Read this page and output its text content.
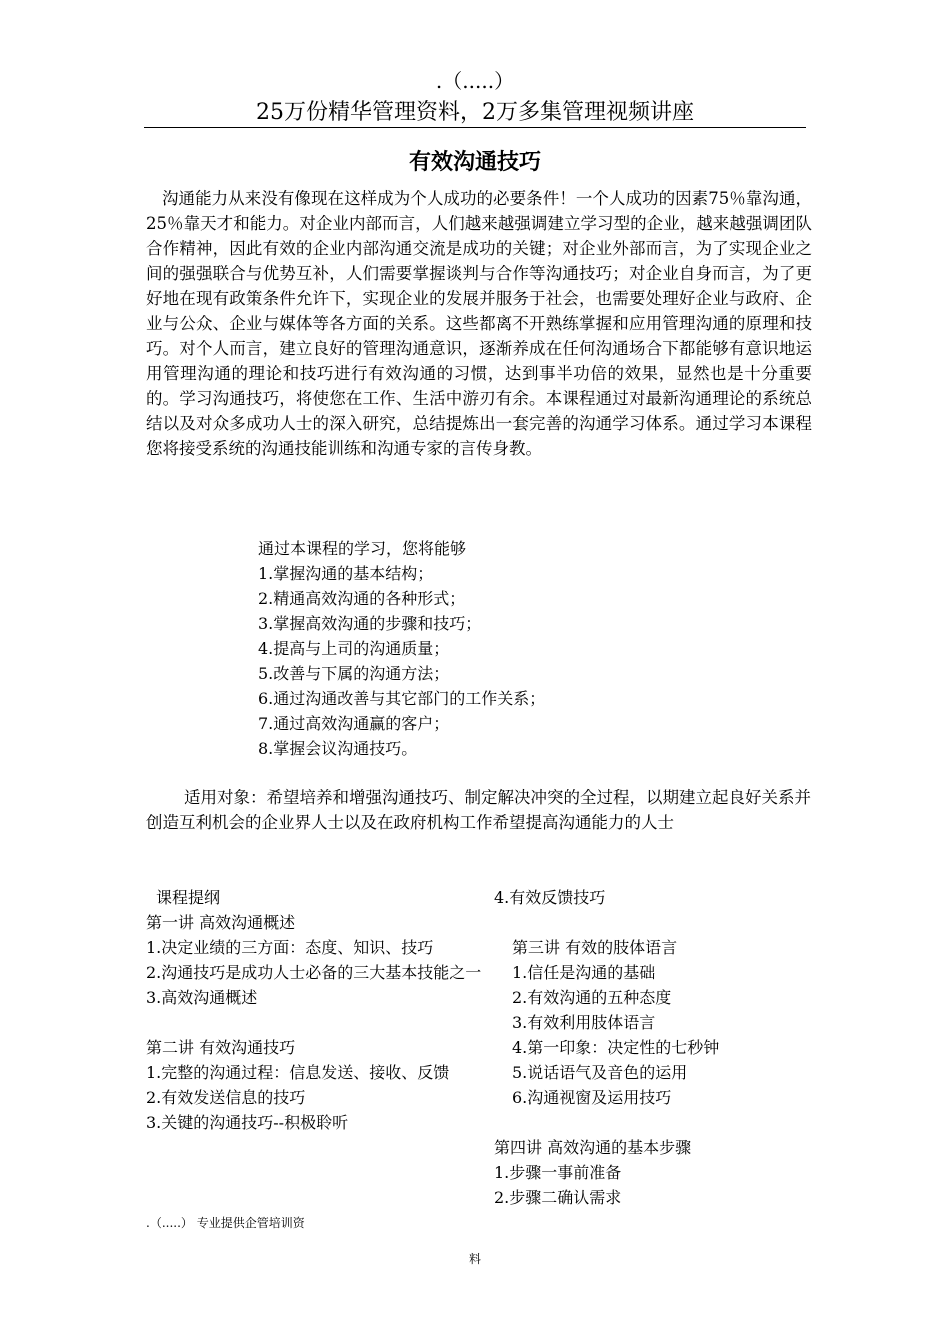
.（.....）
25万份精华管理资料，2万多集管理视频讲座
有效沟通技巧
沟通能力从来没有像现在这样成为个人成功的必要条件！一个人成功的因素75％靠沟通，25％靠天才和能力。对企业内部而言，人们越来越强调建立学习型的企业，越来越强调团队合作精神，因此有效的企业内部沟通交流是成功的关键；对企业外部而言，为了实现企业之间的强强联合与优势互补，人们需要掌握谈判与合作等沟通技巧；对企业自身而言，为了更好地在现有政策条件允许下，实现企业的发展并服务于社会，也需要处理好企业与政府、企业与公众、企业与媒体等各方面的关系。这些都离不开熟练掌握和应用管理沟通的原理和技巧。对个人而言，建立良好的管理沟通意识，逐渐养成在任何沟通场合下都能够有意识地运用管理沟通的理论和技巧进行有效沟通的习惯，达到事半功倍的效果，显然也是十分重要的。学习沟通技巧，将使您在工作、生活中游刃有余。本课程通过对最新沟通理论的系统总结以及对众多成功人士的深入研究，总结提炼出一套完善的沟通学习体系。通过学习本课程您将接受系统的沟通技能训练和沟通专家的言传身教。
通过本课程的学习，您将能够
1.掌握沟通的基本结构；
2.精通高效沟通的各种形式；
3.掌握高效沟通的步骤和技巧；
4.提高与上司的沟通质量；
5.改善与下属的沟通方法；
6.通过沟通改善与其它部门的工作关系；
7.通过高效沟通赢的客户；
8.掌握会议沟通技巧。
适用对象：希望培养和增强沟通技巧、制定解决冲突的全过程，以期建立起良好关系并创造互利机会的企业界人士以及在政府机构工作希望提高沟通能力的人士
课程提纲
第一讲 高效沟通概述
1.决定业绩的三方面：态度、知识、技巧
2.沟通技巧是成功人士必备的三大基本技能之一
3.高效沟通概述
第二讲 有效沟通技巧
1.完整的沟通过程：信息发送、接收、反馈
2.有效发送信息的技巧
3.关键的沟通技巧--积极聆听
4.有效反馈技巧
第三讲 有效的肢体语言
1.信任是沟通的基础
2.有效沟通的五种态度
3.有效利用肢体语言
4.第一印象：决定性的七秒钟
5.说话语气及音色的运用
6.沟通视窗及运用技巧
第四讲 高效沟通的基本步骤
1.步骤一事前准备
2.步骤二确认需求
.（.....） 专业提供企管培训资
料
